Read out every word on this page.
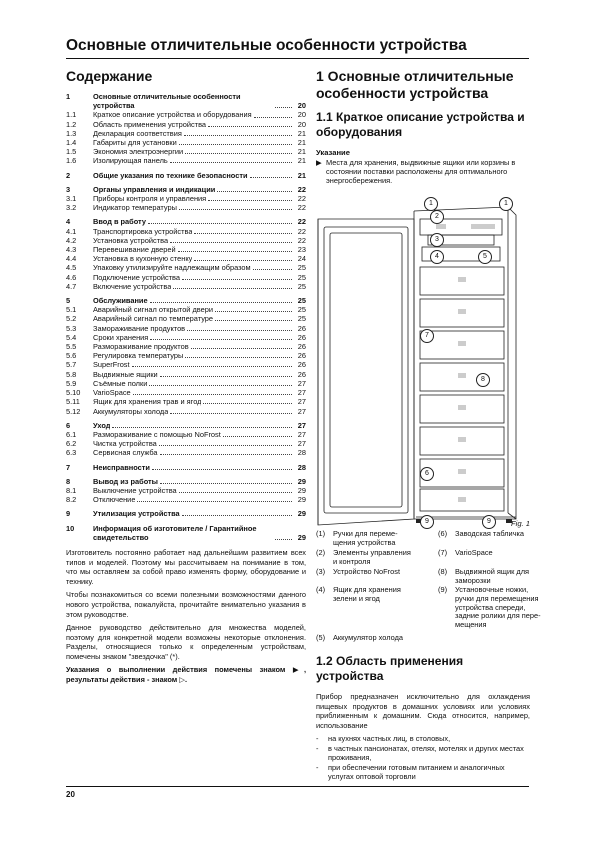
Основные отличительные особенности устройства
Содержание
1	Основные отличительные особенности устройства	20
1.1	Краткое описание устройства и оборудования	20
1.2	Область применения устройства	20
1.3	Декларация соответствия	21
1.4	Габариты для установки	21
1.5	Экономия электроэнергии	21
1.6	Изолирующая панель	21
2	Общие указания по технике безопасности	21
3	Органы управления и индикации	22
3.1	Приборы контроля и управления	22
3.2	Индикатор температуры	22
4	Ввод в работу	22
4.1	Транспортировка устройства	22
4.2	Установка устройства	22
4.3	Перевешивание дверей	23
4.4	Установка в кухонную стенку	24
4.5	Упаковку утилизируйте надлежащим образом	25
4.6	Подключение устройства	25
4.7	Включение устройства	25
5	Обслуживание	25
5.1	Аварийный сигнал открытой двери	25
5.2	Аварийный сигнал по температуре	25
5.3	Замораживание продуктов	26
5.4	Сроки хранения	26
5.5	Размораживание продуктов	26
5.6	Регулировка температуры	26
5.7	SuperFrost	26
5.8	Выдвижные ящики	26
5.9	Съёмные полки	27
5.10	VarioSpace	27
5.11	Ящик для хранения трав и ягод	27
5.12	Аккумуляторы холода	27
6	Уход	27
6.1	Размораживание с помощью NoFrost	27
6.2	Чистка устройства	27
6.3	Сервисная служба	28
7	Неисправности	28
8	Вывод из работы	29
8.1	Выключение устройства	29
8.2	Отключение	29
9	Утилизация устройства	29
10	Информация об изготовителе / Гарантийное свидетельство	29

Изготовитель постоянно работает над дальнейшим развитием всех типов и моделей. Поэтому мы рассчитываем на понимание в том, что мы оставляем за собой право изменять форму, оборудование и технику.

Чтобы познакомиться со всеми полезными возможностями данного нового устройства, пожалуйста, прочитайте внимательно указания в этом руководстве.

Данное руководство действительно для множества моделей, поэтому для конкретной модели возможны некоторые отклонения. Разделы, относящиеся только к определенным устройствам, помечены знаком "звездочка" (*).

Указания о выполнении действия помечены знаком ▶, результаты действия - знаком ▷.

1 Основные отличительные особенности устройства
1.1 Краткое описание устройства и оборудования
Указание
▶ Места для хранения, выдвижные ящики или корзины в состоянии поставки расположены для оптимального энергосбережения.
1	1
2
3
4	5
7
8
6
9	9	Fig. 1
(1) Ручки для переме-
щения устройства
(6) Заводская табличка
(2) Элементы управления
и контроля
(7) VarioSpace
(3) Устройство NoFrost	(8) Выдвижной ящик для
заморозки
(4) Ящик для хранения
зелени и ягод
(9) Установочные ножки,
ручки для перемещения
устройства спереди,
задние ролики для пере-
мещения
(5) Аккумулятор холода
1.2 Область применения устройства
Прибор предназначен исключительно для охлаждения пищевых продуктов в домашних условиях или условиях приближенным к домашним. Сюда относится, например, использование
-	на кухнях частных лиц, в столовых,
-	в частных пансионатах, отелях, мотелях и других местах проживания,
-	при обеспечении готовым питанием и аналогичных услугах оптовой торговли
20
